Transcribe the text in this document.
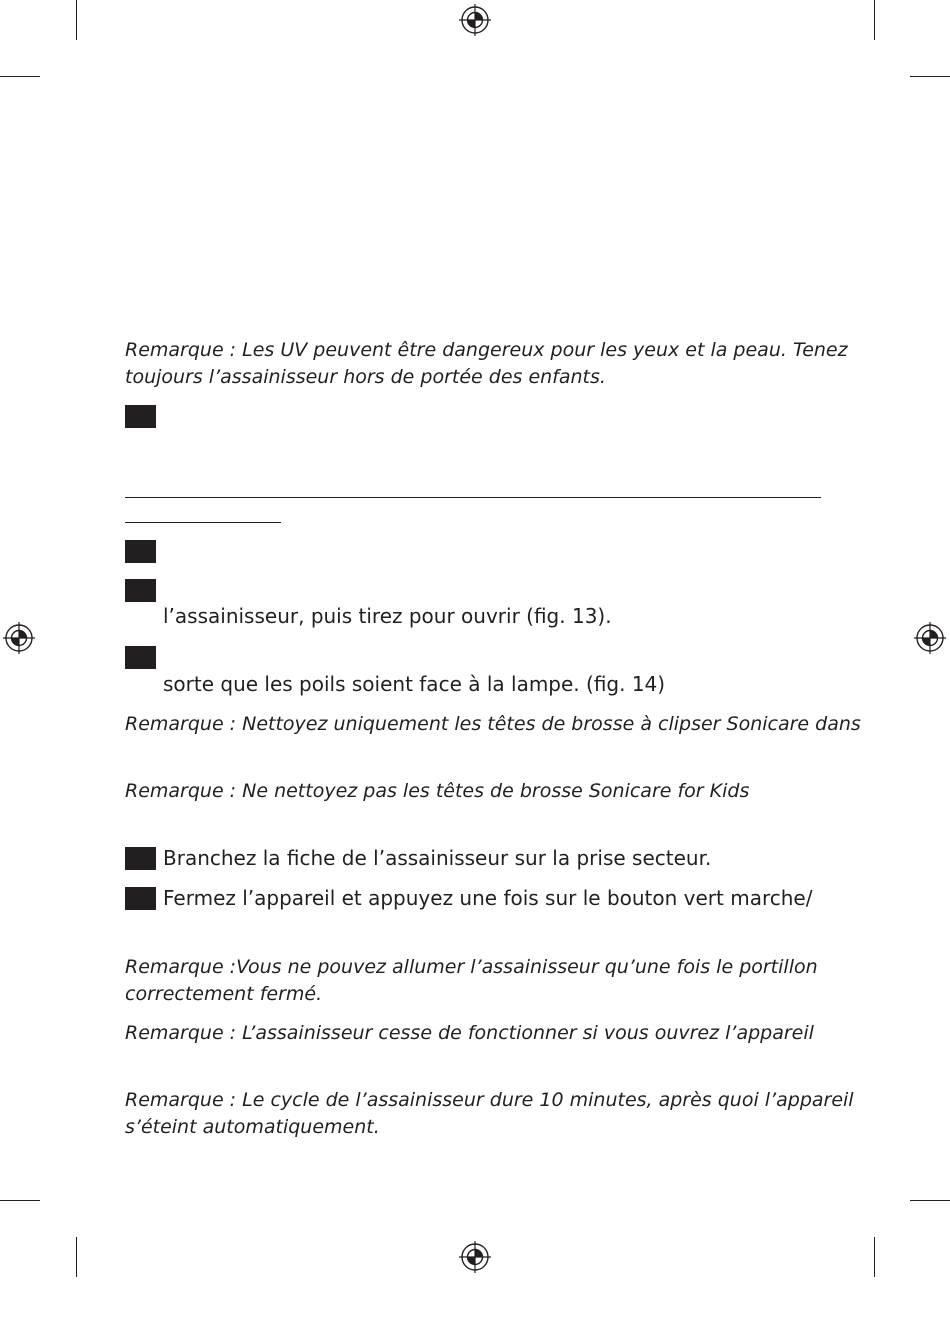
Remarque : Les UV peuvent être dangereux pour les yeux et la peau. Tenez
toujours l’assainisseur hors de portée des enfants.
l’assainisseur, puis tirez pour ouvrir (fig. 13).
sorte que les poils soient face à la lampe. (fig. 14)
Remarque : Nettoyez uniquement les têtes de brosse à clipser Sonicare dans
Remarque : Ne nettoyez pas les têtes de brosse Sonicare for Kids
Branchez la fiche de l’assainisseur sur la prise secteur.
Fermez l’appareil et appuyez une fois sur le bouton vert marche/
Remarque :Vous ne pouvez allumer l’assainisseur qu’une fois le portillon
correctement fermé.
Remarque : L’assainisseur cesse de fonctionner si vous ouvrez l’appareil
Remarque : Le cycle de l’assainisseur dure 10 minutes, après quoi l’appareil
s’éteint automatiquement.
